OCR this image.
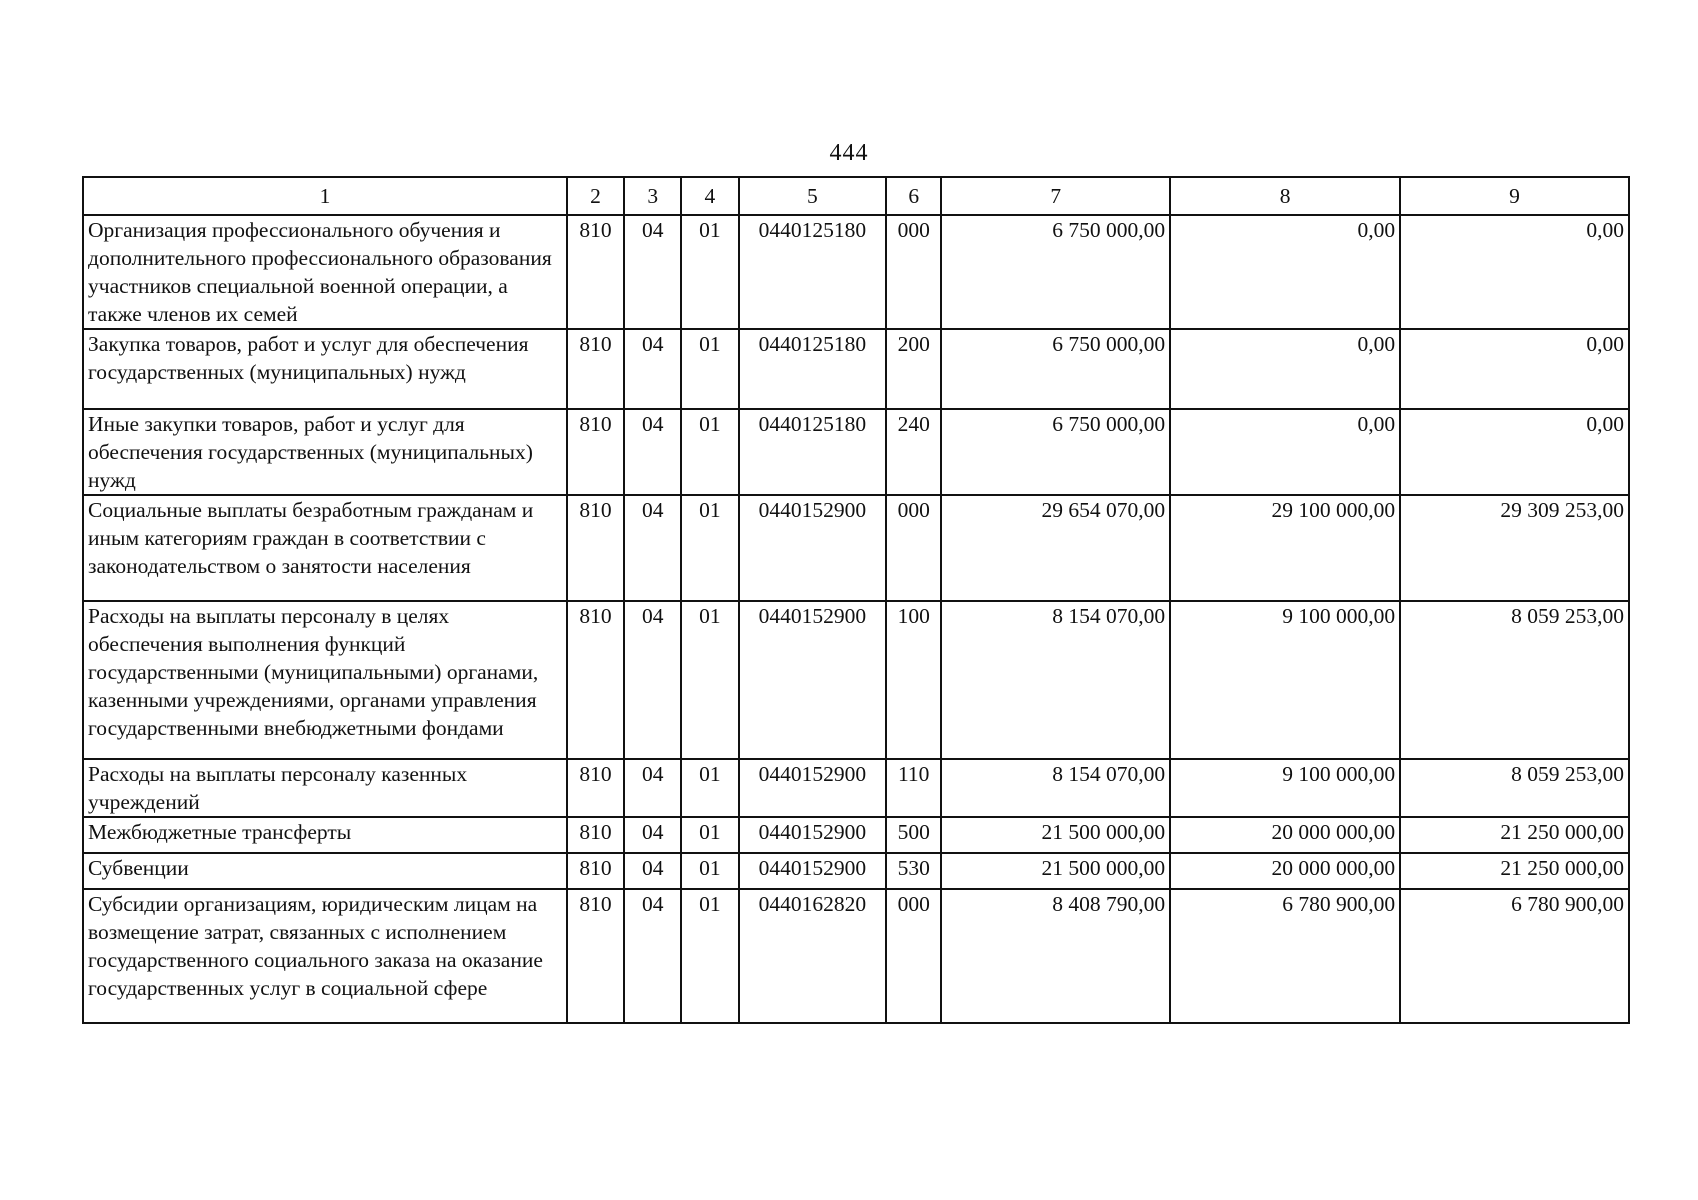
444
1	2	3	4	5	6	7	8	9
Организация профессионального обучения и дополнительного профессионального образования участников специальной военной операции, а также членов их семей	810	04	01	0440125180	000	6 750 000,00	0,00	0,00
Закупка товаров, работ и услуг для обеспечения государственных (муниципальных) нужд	810	04	01	0440125180	200	6 750 000,00	0,00	0,00
Иные закупки товаров, работ и услуг для обеспечения государственных (муниципальных) нужд	810	04	01	0440125180	240	6 750 000,00	0,00	0,00
Социальные выплаты безработным гражданам и иным категориям граждан в соответствии с законодательством о занятости населения	810	04	01	0440152900	000	29 654 070,00	29 100 000,00	29 309 253,00
Расходы на выплаты персоналу в целях обеспечения выполнения функций государственными (муниципальными) органами, казенными учреждениями, органами управления государственными внебюджетными фондами	810	04	01	0440152900	100	8 154 070,00	9 100 000,00	8 059 253,00
Расходы на выплаты персоналу казенных учреждений	810	04	01	0440152900	110	8 154 070,00	9 100 000,00	8 059 253,00
Межбюджетные трансферты	810	04	01	0440152900	500	21 500 000,00	20 000 000,00	21 250 000,00
Субвенции	810	04	01	0440152900	530	21 500 000,00	20 000 000,00	21 250 000,00
Субсидии организациям, юридическим лицам на возмещение затрат, связанных с исполнением государственного социального заказа на оказание государственных услуг в социальной сфере	810	04	01	0440162820	000	8 408 790,00	6 780 900,00	6 780 900,00
